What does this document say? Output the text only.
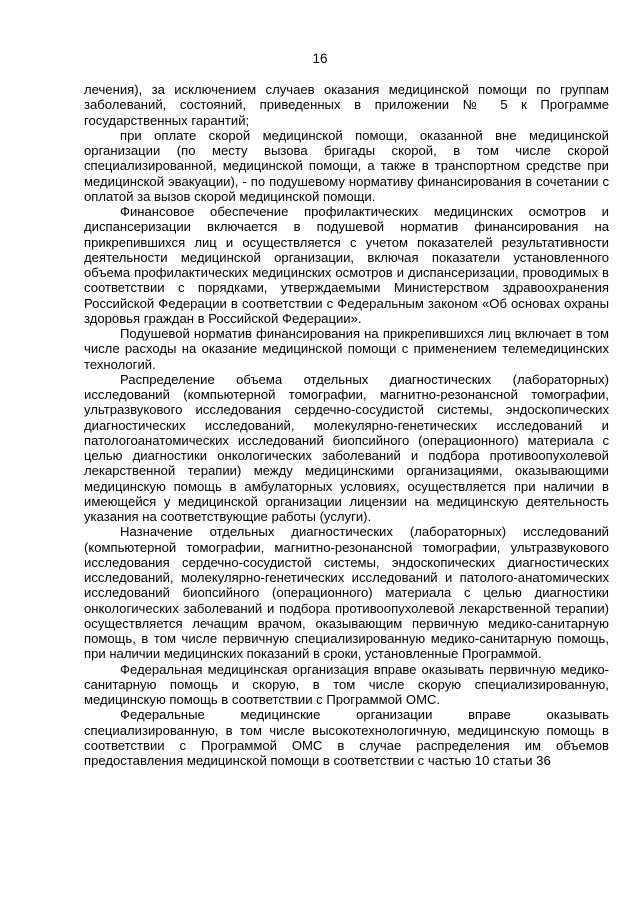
16

лечения), за исключением случаев оказания медицинской помощи по группам заболеваний, состояний, приведенных в приложении № 5 к Программе государственных гарантий;

при оплате скорой медицинской помощи, оказанной вне медицинской организации (по месту вызова бригады скорой, в том числе скорой специализированной, медицинской помощи, а также в транспортном средстве при медицинской эвакуации), - по подушевому нормативу финансирования в сочетании с оплатой за вызов скорой медицинской помощи.

Финансовое обеспечение профилактических медицинских осмотров и диспансеризации включается в подушевой норматив финансирования на прикрепившихся лиц и осуществляется с учетом показателей результативности деятельности медицинской организации, включая показатели установленного объема профилактических медицинских осмотров и диспансеризации, проводимых в соответствии с порядками, утверждаемыми Министерством здравоохранения Российской Федерации в соответствии с Федеральным законом «Об основах охраны здоровья граждан в Российской Федерации».

Подушевой норматив финансирования на прикрепившихся лиц включает в том числе расходы на оказание медицинской помощи с применением телемедицинских технологий.

Распределение объема отдельных диагностических (лабораторных) исследований (компьютерной томографии, магнитно-резонансной томографии, ультразвукового исследования сердечно-сосудистой системы, эндоскопических диагностических исследований, молекулярно-генетических исследований и патологоанатомических исследований биопсийного (операционного) материала с целью диагностики онкологических заболеваний и подбора противоопухолевой лекарственной терапии) между медицинскими организациями, оказывающими медицинскую помощь в амбулаторных условиях, осуществляется при наличии в имеющейся у медицинской организации лицензии на медицинскую деятельность указания на соответствующие работы (услуги).

Назначение отдельных диагностических (лабораторных) исследований (компьютерной томографии, магнитно-резонансной томографии, ультразвукового исследования сердечно-сосудистой системы, эндоскопических диагностических исследований, молекулярно-генетических исследований и патолого-анатомических исследований биопсийного (операционного) материала с целью диагностики онкологических заболеваний и подбора противоопухолевой лекарственной терапии) осуществляется лечащим врачом, оказывающим первичную медико-санитарную помощь, в том числе первичную специализированную медико-санитарную помощь, при наличии медицинских показаний в сроки, установленные Программой.

Федеральная медицинская организация вправе оказывать первичную медико-санитарную помощь и скорую, в том числе скорую специализированную, медицинскую помощь в соответствии с Программой ОМС.

Федеральные медицинские организации вправе оказывать специализированную, в том числе высокотехнологичную, медицинскую помощь в соответствии с Программой ОМС в случае распределения им объемов предоставления медицинской помощи в соответствии с частью 10 статьи 36
